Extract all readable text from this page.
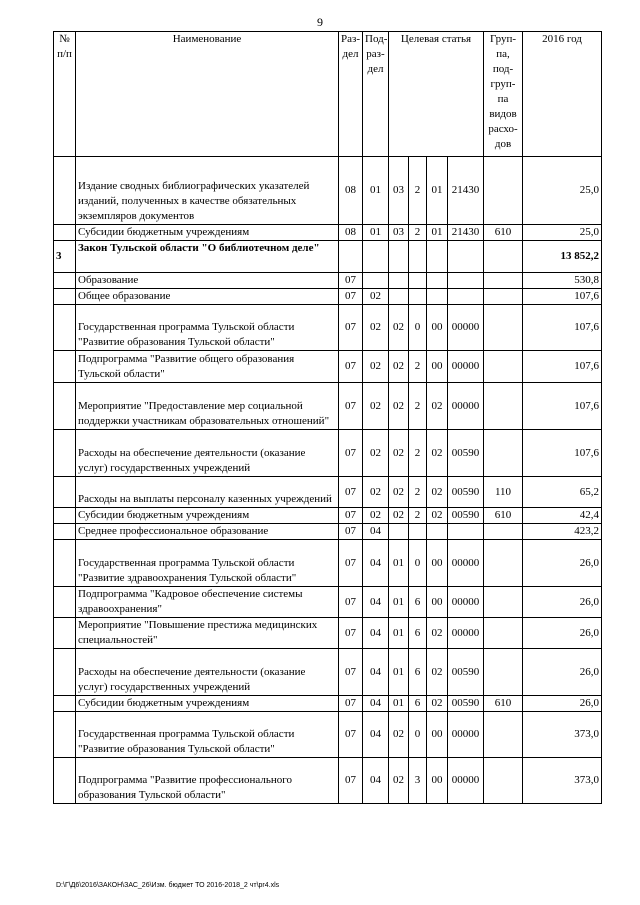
9
№ п/п	Наименование	Раз-дел	Под-раз-дел	Целевая статья				Груп-па, под-груп-па видов расхо-дов	2016 год
	Издание сводных библиографических указателей изданий, полученных в качестве обязательных экземпляров документов	08	01	03	2	01	21430		25,0
	Субсидии бюджетным учреждениям	08	01	03	2	01	21430	610	25,0
3	Закон Тульской области "О библиотечном деле"								13 852,2
	Образование	07							530,8
	Общее образование	07	02						107,6
	Государственная программа Тульской области "Развитие образования Тульской области"	07	02	02	0	00	00000		107,6
	Подпрограмма "Развитие общего образования Тульской области"	07	02	02	2	00	00000		107,6
	Мероприятие "Предоставление мер социальной поддержки участникам образовательных отношений"	07	02	02	2	02	00000		107,6
	Расходы на обеспечение деятельности (оказание услуг) государственных учреждений	07	02	02	2	02	00590		107,6
	Расходы на выплаты персоналу казенных учреждений	07	02	02	2	02	00590	110	65,2
	Субсидии бюджетным учреждениям	07	02	02	2	02	00590	610	42,4
	Среднее профессиональное образование	07	04						423,2
	Государственная программа Тульской области "Развитие здравоохранения Тульской области"	07	04	01	0	00	00000		26,0
	Подпрограмма "Кадровое обеспечение системы здравоохранения"	07	04	01	6	00	00000		26,0
	Мероприятие "Повышение престижа медицинских специальностей"	07	04	01	6	02	00000		26,0
	Расходы на обеспечение деятельности (оказание услуг) государственных учреждений	07	04	01	6	02	00590		26,0
	Субсидии бюджетным учреждениям	07	04	01	6	02	00590	610	26,0
	Государственная программа Тульской области "Развитие образования Тульской области"	07	04	02	0	00	00000		373,0
	Подпрограмма "Развитие профессионального образования Тульской области"	07	04	02	3	00	00000		373,0
D:\Г\Д6\2016\ЗАКОН\ЗАС_26\Изм. бюджет ТО 2016-2018_2 чт\pr4.xls
